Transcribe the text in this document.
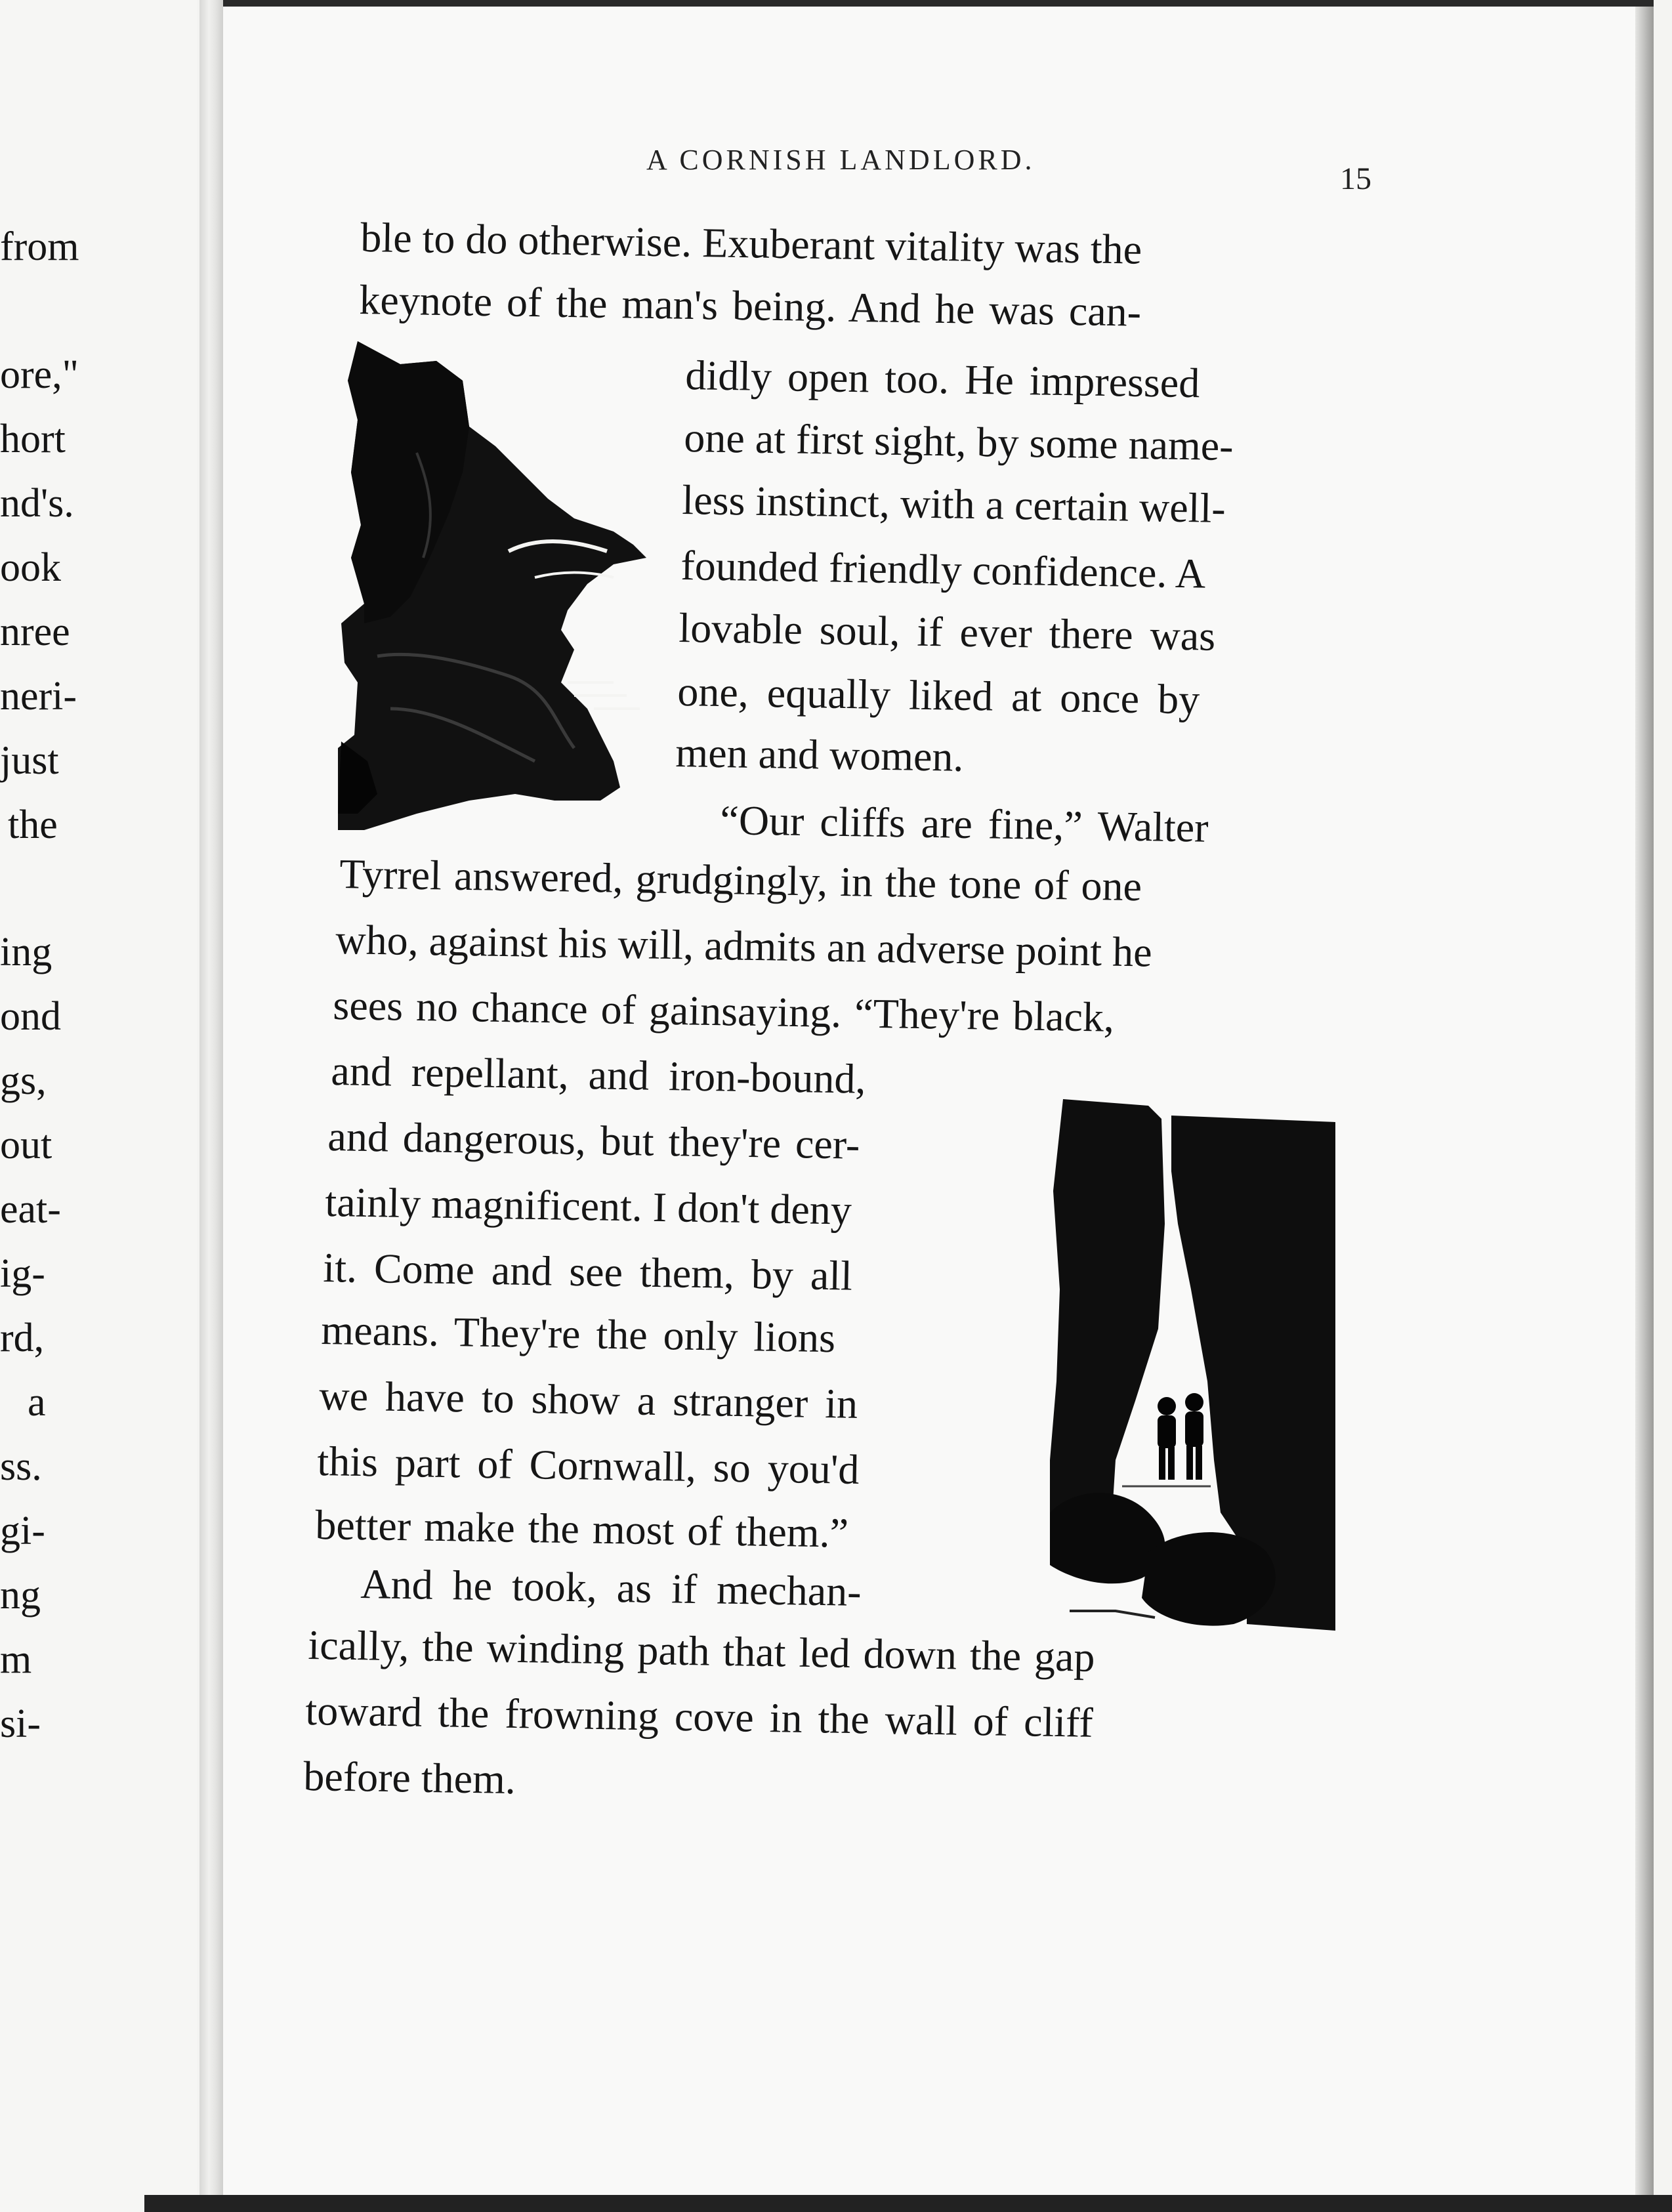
from
ore,"
hort
nd's.
ook
nree
neri-
just
the
ing
ond
gs,
out
eat-
ig-
rd,
a
ss.
gi-
ng
m
si-
A CORNISH LANDLORD.
15
ble to do otherwise. Exuberant vitality was the
keynote of the man's being. And he was can-
didly open too. He impressed
one at first sight, by some name-
less instinct, with a certain well-
founded friendly confidence. A
lovable soul, if ever there was
one, equally liked at once by
men and women.
“Our cliffs are fine,” Walter
Tyrrel answered, grudgingly, in the tone of one
who, against his will, admits an adverse point he
sees no chance of gainsaying. “They're black,
and repellant, and iron-bound,
and dangerous, but they're cer-
tainly magnificent. I don't deny
it. Come and see them, by all
means. They're the only lions
we have to show a stranger in
this part of Cornwall, so you'd
better make the most of them.”
And he took, as if mechan-
ically, the winding path that led down the gap
toward the frowning cove in the wall of cliff
before them.
